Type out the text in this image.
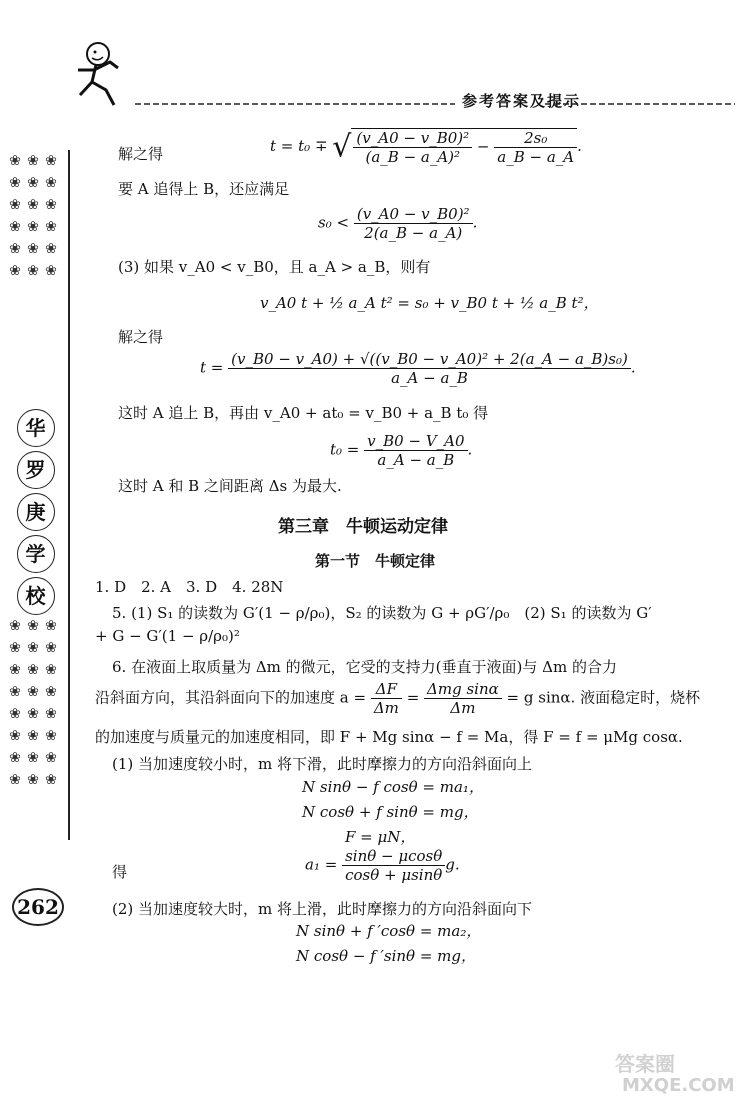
参考答案及提示
❀ ❀ ❀ ❀ ❀ ❀ ❀ ❀ ❀ ❀ ❀ ❀ ❀ ❀ ❀ ❀ ❀ ❀
华
罗
庚
学
校
❀ ❀ ❀ ❀ ❀ ❀ ❀ ❀ ❀ ❀ ❀ ❀ ❀ ❀ ❀ ❀ ❀ ❀ ❀ ❀ ❀ ❀ ❀ ❀
262
解之得	t = t₀ ∓ √ $\frac{\text{(v\_A0 − v\_B0)²}}{\text{(a\_B − a\_A)²}} - \frac{\text{2s₀}}{a\_B - a\_A}$ .
要 A 追得上 B，还应满足
$s_0 < \frac{\text{(v\_A0 − v\_B0)²}}{2(a\_B - a\_A)}$ .
(3) 如果 v_A0 < v_B0，且 a_A > a_B，则有
v_A0 t + ½ a_A t² = s₀ + v_B0 t + ½ a_B t²，
解之得
$t = \frac{\text{(v\_B0 − v\_A0) + √((v\_B0 − v\_A0)² + 2(a\_A − a\_B)s₀)}}{a\_A - a\_B}$ .
这时 A 追上 B，再由 v_A0 + at₀ = v_B0 + a_B t₀ 得
$t_0 = \frac{v\_B0 - V\_A0}{a\_A - a\_B}$ .
这时 A 和 B 之间距离 Δs 为最大.
第三章　牛顿运动定律
第一节　牛顿定律
1. D　2. A　3. D　4. 28N
5. (1) S₁ 的读数为 G′(1 − ρ/ρ₀)，S₂ 的读数为 G + ρG′/ρ₀　(2) S₁ 的读数为 G′
+ G − G′(1 − ρ/ρ₀)²
6. 在液面上取质量为 Δm 的微元，它受的支持力(垂直于液面)与 Δm 的合力
沿斜面方向，其沿斜面向下的加速度 $a = \frac{\Delta F}{\Delta m} = \frac{\text{Δmg sinα}}{\Delta m} = g$ sinα. 液面稳定时，烧杯
的加速度与质量元的加速度相同，即 F + Mg sinα − f = Ma，得 F = f = μMg cosα.
(1) 当加速度较小时，m 将下滑，此时摩擦力的方向沿斜面向上
N sinθ − f cosθ = ma₁，
N cosθ + f sinθ = mg，
F = μN，
得	$a_1 = \frac{\sin\theta - \mu\cos\theta}{\cos\theta + \mu\sin\theta} g$.
(2) 当加速度较大时，m 将上滑，此时摩擦力的方向沿斜面向下
N sinθ + f ′cosθ = ma₂，
N cosθ − f ′sinθ = mg，
答案圈
MXQE.COM
